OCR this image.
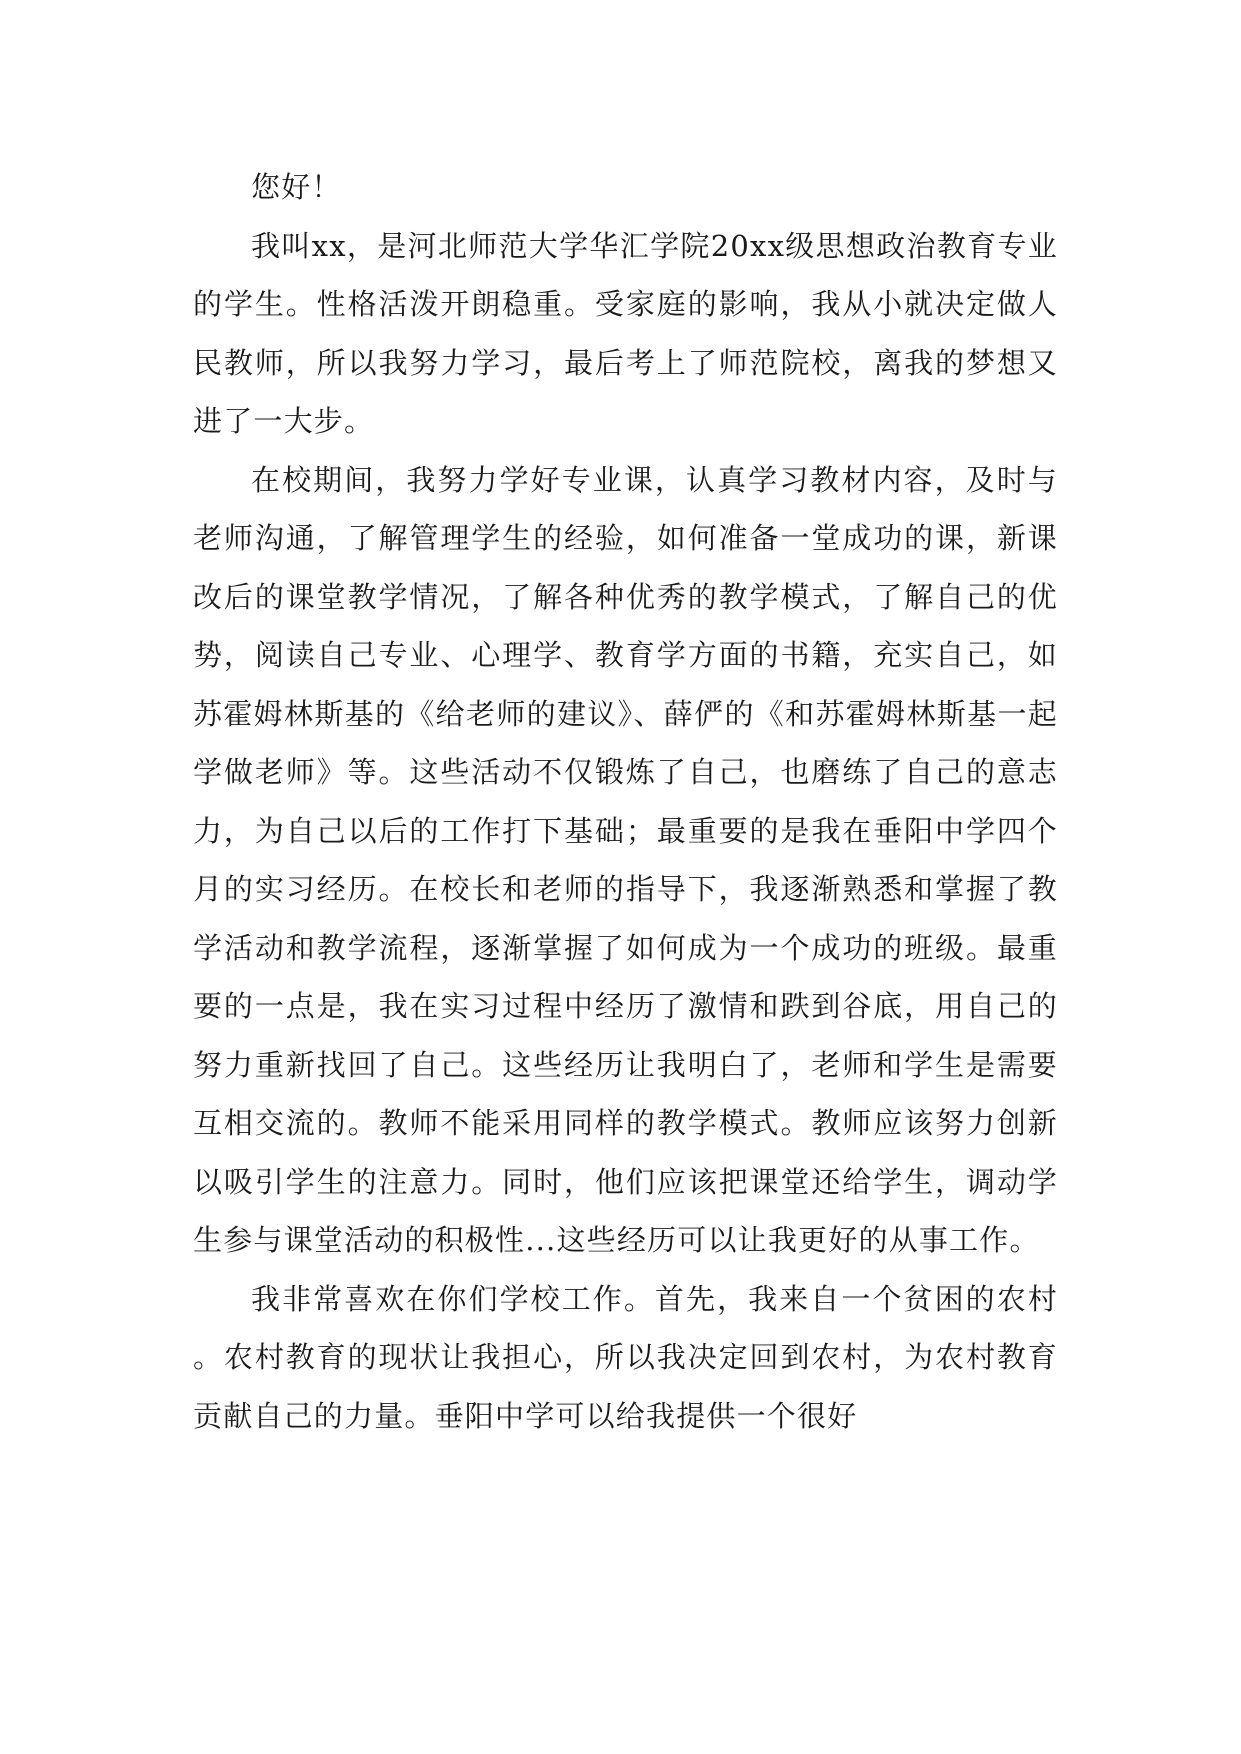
您好！

我叫xx，是河北师范大学华汇学院20xx级思想政治教育专业的学生。性格活泼开朗稳重。受家庭的影响，我从小就决定做人民教师，所以我努力学习，最后考上了师范院校，离我的梦想又进了一大步。

在校期间，我努力学好专业课，认真学习教材内容，及时与老师沟通，了解管理学生的经验，如何准备一堂成功的课，新课改后的课堂教学情况，了解各种优秀的教学模式，了解自己的优势，阅读自己专业、心理学、教育学方面的书籍，充实自己，如苏霍姆林斯基的《给老师的建议》、薛俨的《和苏霍姆林斯基一起学做老师》等。这些活动不仅锻炼了自己，也磨练了自己的意志力，为自己以后的工作打下基础；最重要的是我在垂阳中学四个月的实习经历。在校长和老师的指导下，我逐渐熟悉和掌握了教学活动和教学流程，逐渐掌握了如何成为一个成功的班级。最重要的一点是，我在实习过程中经历了激情和跌到谷底，用自己的努力重新找回了自己。这些经历让我明白了，老师和学生是需要互相交流的。教师不能采用同样的教学模式。教师应该努力创新以吸引学生的注意力。同时，他们应该把课堂还给学生，调动学生参与课堂活动的积极性...这些经历可以让我更好的从事工作。

我非常喜欢在你们学校工作。首先，我来自一个贫困的农村。农村教育的现状让我担心，所以我决定回到农村，为农村教育贡献自己的力量。垂阳中学可以给我提供一个很好
